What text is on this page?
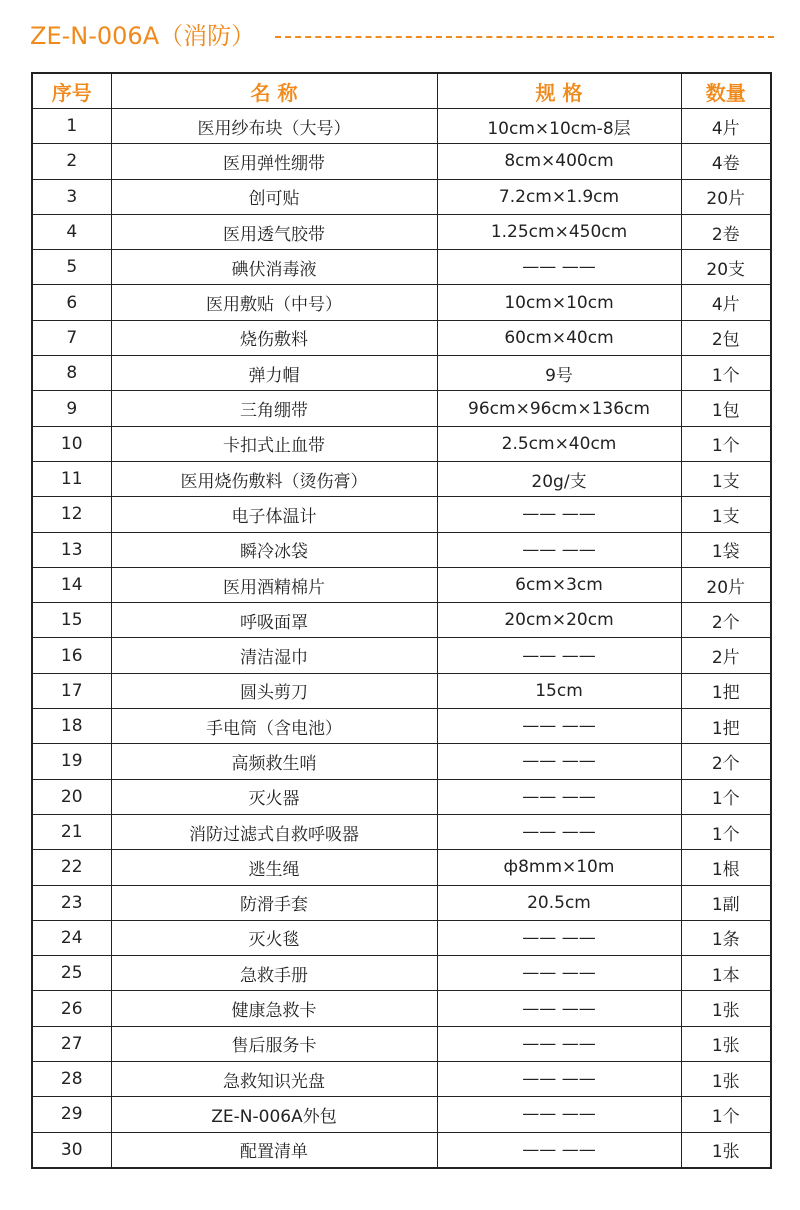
ZE-N-006A（消防）
序号	名 称	规 格	数量
1	医用纱布块（大号）	10cm×10cm-8层	4片
2	医用弹性绷带	8cm×400cm	4卷
3	创可贴	7.2cm×1.9cm	20片
4	医用透气胶带	1.25cm×450cm	2卷
5	碘伏消毒液	—— ——	20支
6	医用敷贴（中号）	10cm×10cm	4片
7	烧伤敷料	60cm×40cm	2包
8	弹力帽	9号	1个
9	三角绷带	96cm×96cm×136cm	1包
10	卡扣式止血带	2.5cm×40cm	1个
11	医用烧伤敷料（烫伤膏）	20g/支	1支
12	电子体温计	—— ——	1支
13	瞬冷冰袋	—— ——	1袋
14	医用酒精棉片	6cm×3cm	20片
15	呼吸面罩	20cm×20cm	2个
16	清洁湿巾	—— ——	2片
17	圆头剪刀	15cm	1把
18	手电筒（含电池）	—— ——	1把
19	高频救生哨	—— ——	2个
20	灭火器	—— ——	1个
21	消防过滤式自救呼吸器	—— ——	1个
22	逃生绳	ф8mm×10m	1根
23	防滑手套	20.5cm	1副
24	灭火毯	—— ——	1条
25	急救手册	—— ——	1本
26	健康急救卡	—— ——	1张
27	售后服务卡	—— ——	1张
28	急救知识光盘	—— ——	1张
29	ZE-N-006A外包	—— ——	1个
30	配置清单	—— ——	1张
